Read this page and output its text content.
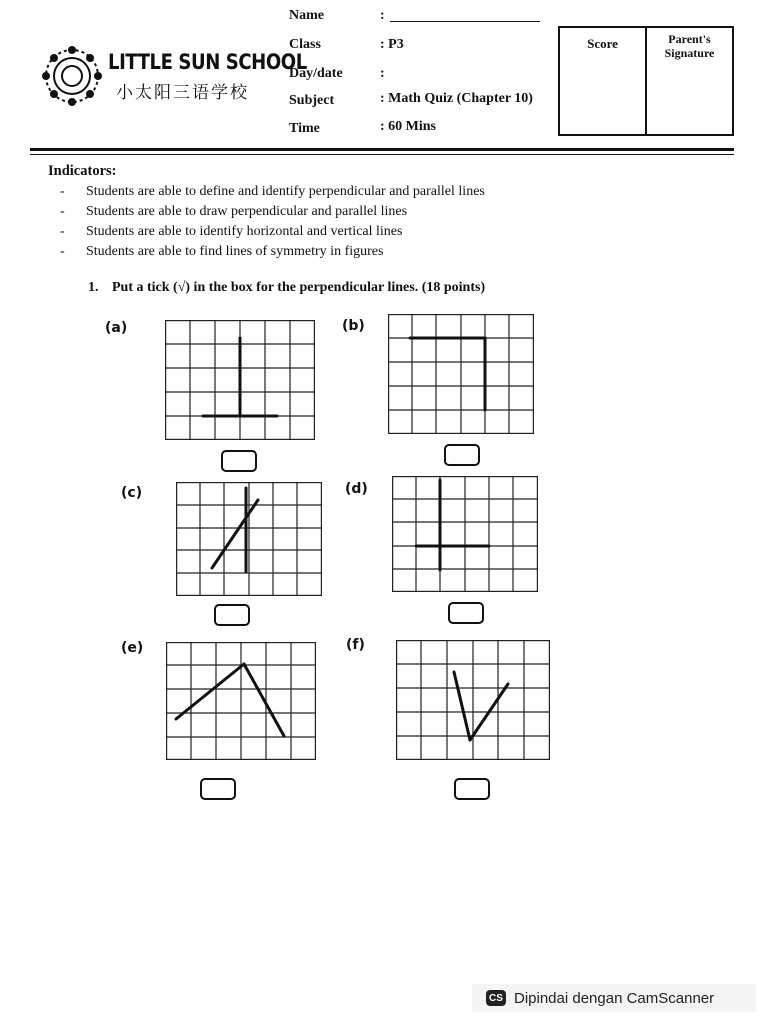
LITTLE SUN SCHOOL
小太阳三语学校
Name	:
Class	: P3
Day/date	:
Subject	: Math Quiz (Chapter 10)
Time	: 60 Mins
Score	Parent's
Signature
Indicators:
- Students are able to define and identify perpendicular and parallel lines
- Students are able to draw perpendicular and parallel lines
- Students are able to identify horizontal and vertical lines
- Students are able to find lines of symmetry in figures
1. Put a tick (√) in the box for the perpendicular lines. (18 points)
(a)	(b)
(c)	(d)
(e)	(f)
CS Dipindai dengan CamScanner
